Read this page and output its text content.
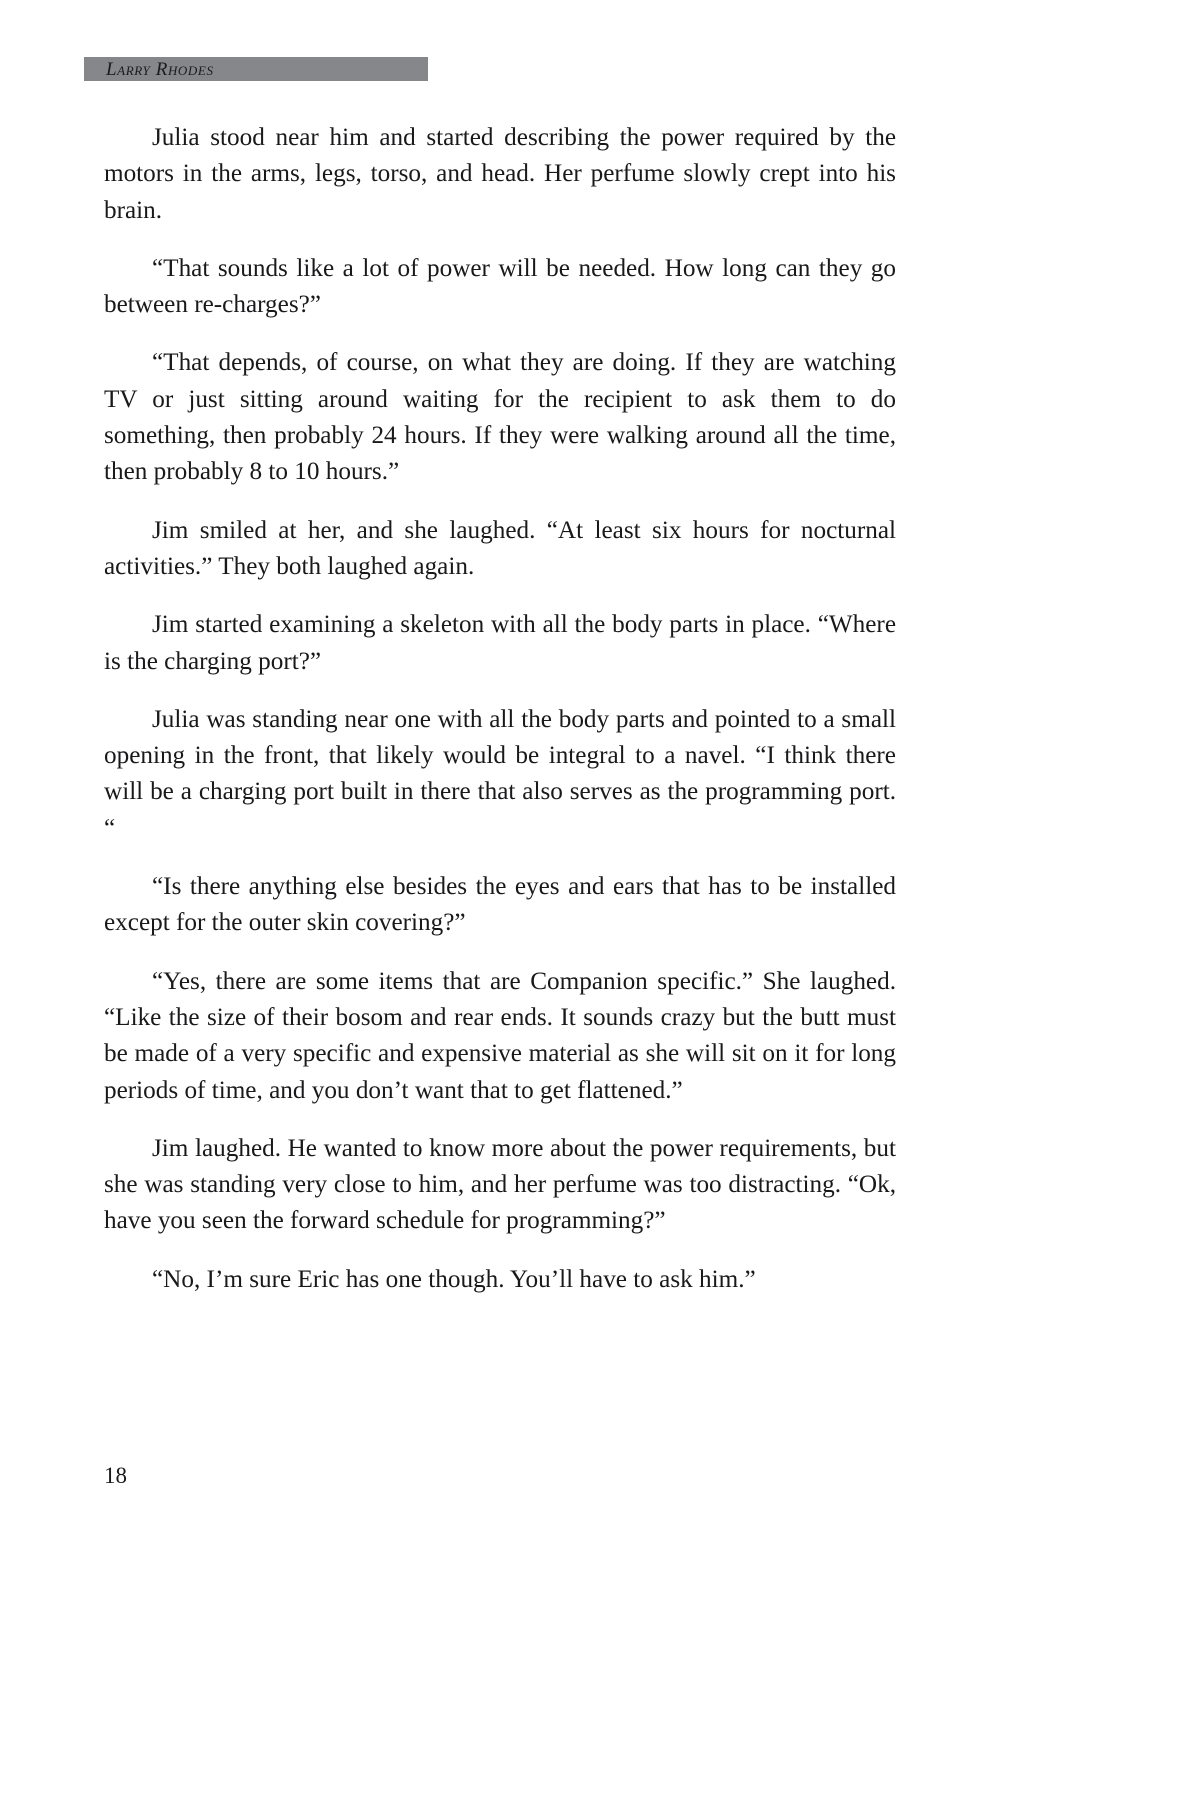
Larry Rhodes

Julia stood near him and started describing the power required by the motors in the arms, legs, torso, and head. Her perfume slowly crept into his brain.

“That sounds like a lot of power will be needed. How long can they go between re-charges?”

“That depends, of course, on what they are doing. If they are watching TV or just sitting around waiting for the recipient to ask them to do something, then probably 24 hours. If they were walking around all the time, then probably 8 to 10 hours.”

Jim smiled at her, and she laughed. “At least six hours for nocturnal activities.” They both laughed again.

Jim started examining a skeleton with all the body parts in place. “Where is the charging port?”

Julia was standing near one with all the body parts and pointed to a small opening in the front, that likely would be integral to a navel. “I think there will be a charging port built in there that also serves as the programming port. “

“Is there anything else besides the eyes and ears that has to be installed except for the outer skin covering?”

“Yes, there are some items that are Companion specific.” She laughed. “Like the size of their bosom and rear ends. It sounds crazy but the butt must be made of a very specific and expensive material as she will sit on it for long periods of time, and you don’t want that to get flattened.”

Jim laughed. He wanted to know more about the power requirements, but she was standing very close to him, and her perfume was too distracting. “Ok, have you seen the forward schedule for programming?”

“No, I’m sure Eric has one though. You’ll have to ask him.”

18
